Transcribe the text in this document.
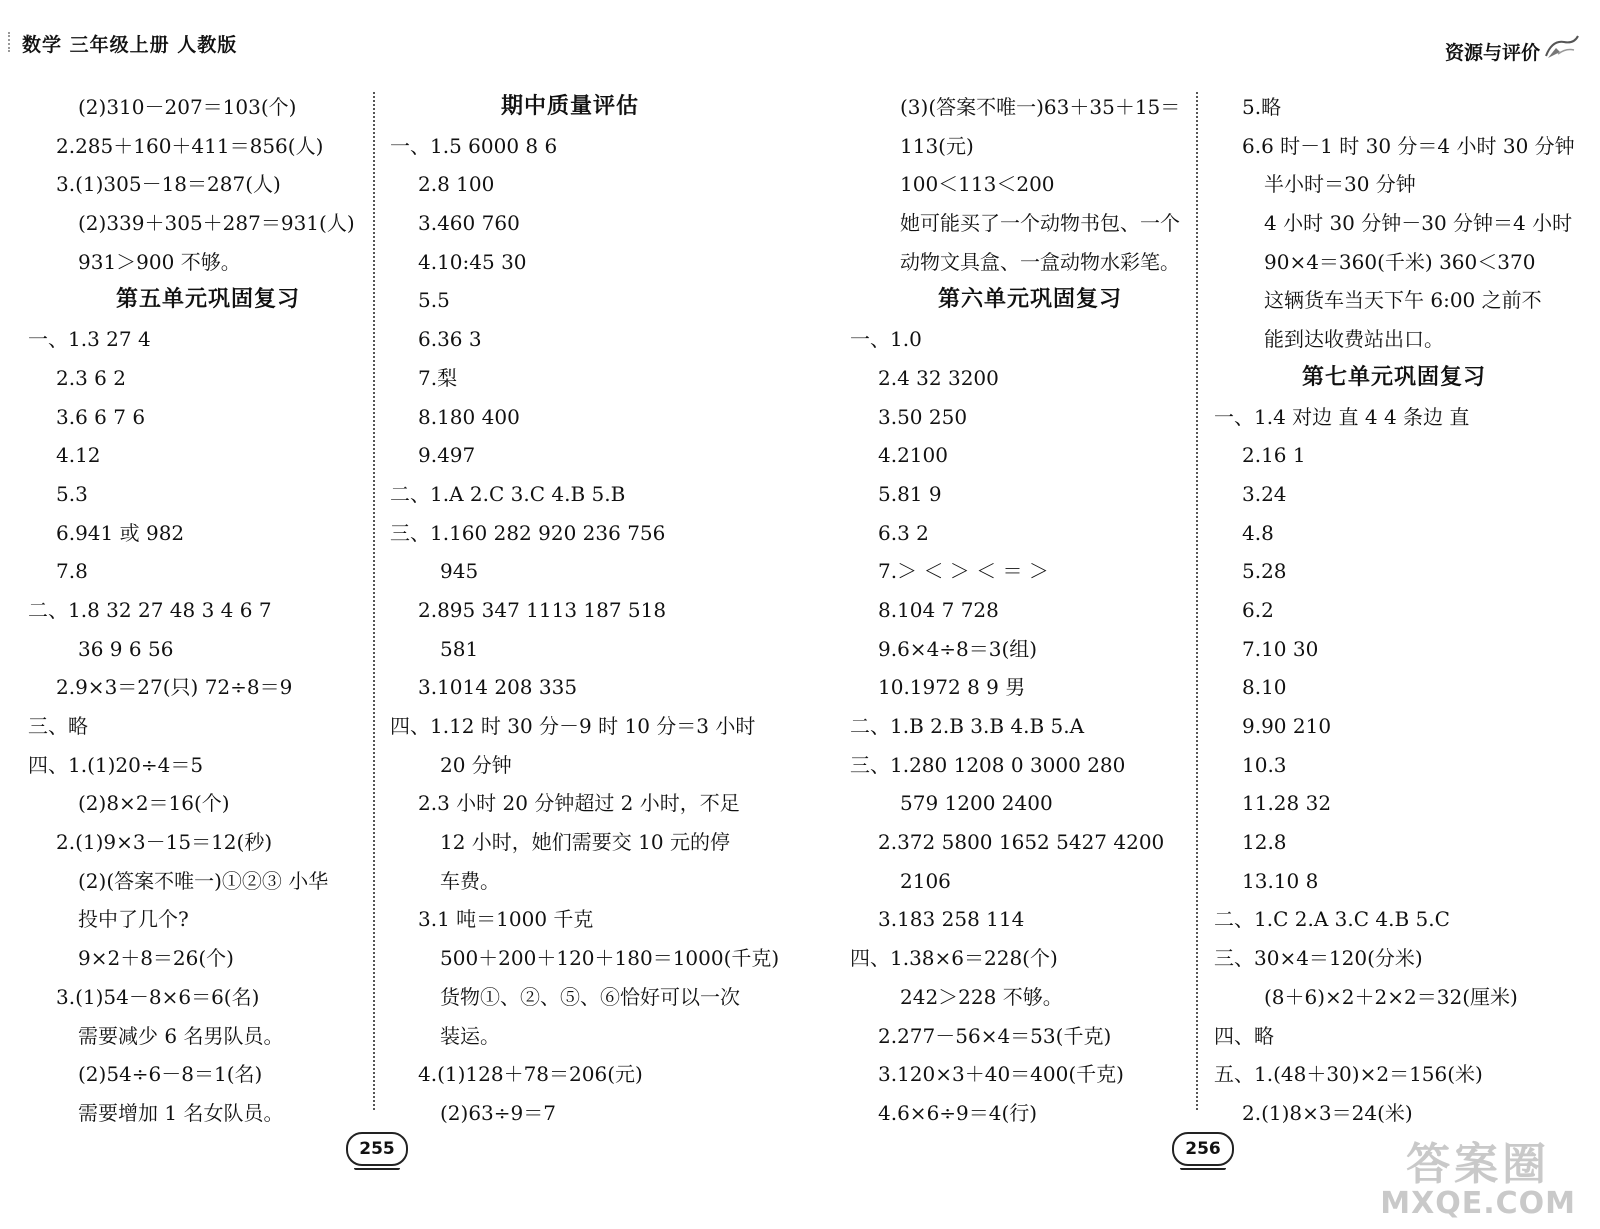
数学 三年级上册 人教版	资源与评价
(2)310－207＝103(个)
2.285＋160＋411＝856(人)
3.(1)305－18＝287(人)
(2)339＋305＋287＝931(人)
931＞900 不够。
第五单元巩固复习
一、1.3 27 4
2.3 6 2
3.6 6 7 6
4.12
5.3
6.941 或 982
7.8
二、1.8 32 27 48 3 4 6 7
36 9 6 56
2.9×3＝27(只) 72÷8＝9
三、略
四、1.(1)20÷4＝5
(2)8×2＝16(个)
2.(1)9×3－15＝12(秒)
(2)(答案不唯一)①②③ 小华
投中了几个?
9×2＋8＝26(个)
3.(1)54－8×6＝6(名)
需要减少 6 名男队员。
(2)54÷6－8＝1(名)
需要增加 1 名女队员。
期中质量评估
一、1.5 6000 8 6
2.8 100
3.460 760
4.10:45 30
5.5
6.36 3
7.梨
8.180 400
9.497
二、1.A 2.C 3.C 4.B 5.B
三、1.160 282 920 236 756
945
2.895 347 1113 187 518
581
3.1014 208 335
四、1.12 时 30 分－9 时 10 分＝3 小时
20 分钟
2.3 小时 20 分钟超过 2 小时，不足
12 小时，她们需要交 10 元的停
车费。
3.1 吨＝1000 千克
500＋200＋120＋180＝1000(千克)
货物①、②、⑤、⑥恰好可以一次
装运。
4.(1)128＋78＝206(元)
(2)63÷9＝7
(3)(答案不唯一)63＋35＋15＝
113(元)
100＜113＜200
她可能买了一个动物书包、一个
动物文具盒、一盒动物水彩笔。
第六单元巩固复习
一、1.0
2.4 32 3200
3.50 250
4.2100
5.81 9
6.3 2
7.＞ ＜ ＞ ＜ ＝ ＞
8.104 7 728
9.6×4÷8＝3(组)
10.1972 8 9 男
二、1.B 2.B 3.B 4.B 5.A
三、1.280 1208 0 3000 280
579 1200 2400
2.372 5800 1652 5427 4200
2106
3.183 258 114
四、1.38×6＝228(个)
242＞228 不够。
2.277－56×4＝53(千克)
3.120×3＋40＝400(千克)
4.6×6÷9＝4(行)
5.略
6.6 时－1 时 30 分＝4 小时 30 分钟
半小时＝30 分钟
4 小时 30 分钟－30 分钟＝4 小时
90×4＝360(千米) 360＜370
这辆货车当天下午 6:00 之前不
能到达收费站出口。
第七单元巩固复习
一、1.4 对边 直 4 4 条边 直
2.16 1
3.24
4.8
5.28
6.2
7.10 30
8.10
9.90 210
10.3
11.28 32
12.8
13.10 8
二、1.C 2.A 3.C 4.B 5.C
三、30×4＝120(分米)
(8＋6)×2＋2×2＝32(厘米)
四、略
五、1.(48＋30)×2＝156(米)
2.(1)8×3＝24(米)
255	256	答案圈
MXQE.COM
